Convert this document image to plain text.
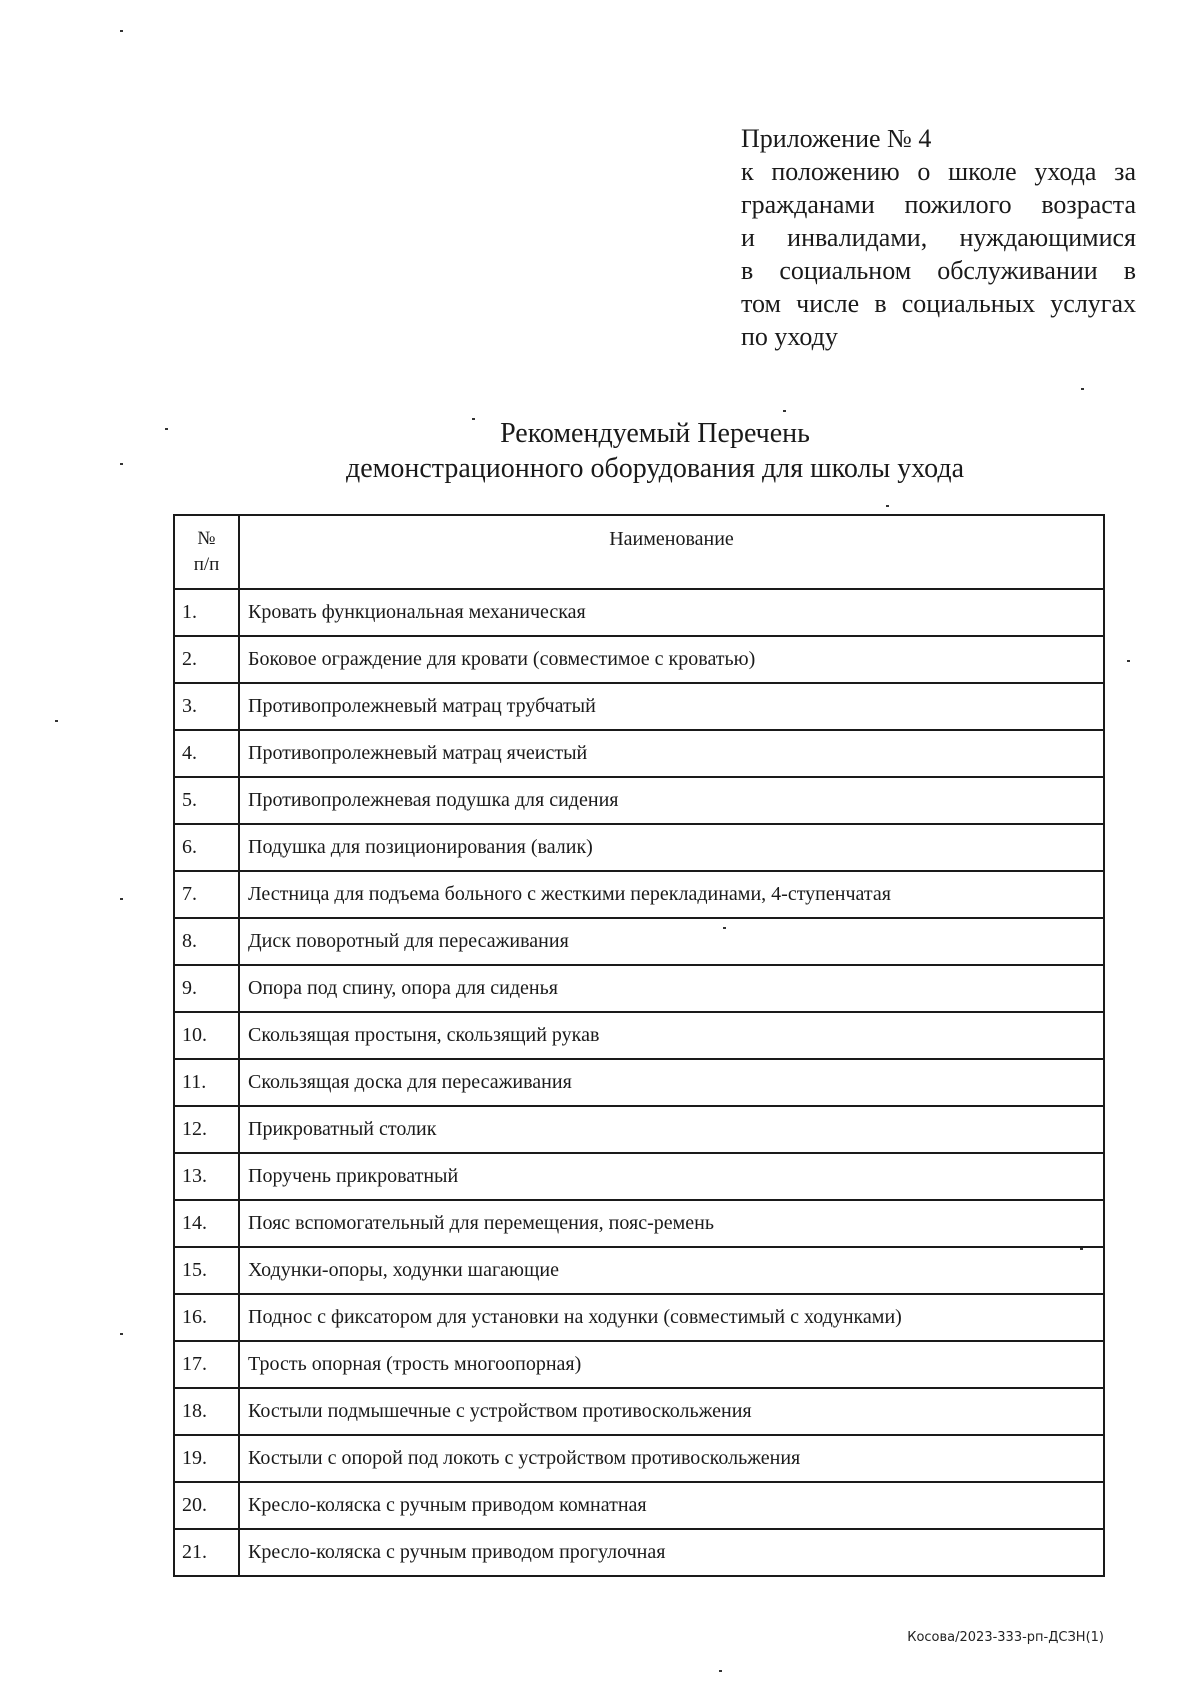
Приложение № 4
к положению о школе ухода за
гражданами пожилого возраста
и инвалидами, нуждающимися
в социальном обслуживании в
том числе в социальных услугах
по уходу
Рекомендуемый Перечень
демонстрационного оборудования для школы ухода
№
п/п	Наименование
1.	Кровать функциональная механическая
2.	Боковое ограждение для кровати (совместимое с кроватью)
3.	Противопролежневый матрац трубчатый
4.	Противопролежневый матрац ячеистый
5.	Противопролежневая подушка для сидения
6.	Подушка для позиционирования (валик)
7.	Лестница для подъема больного с жесткими перекладинами, 4-ступенчатая
8.	Диск поворотный для пересаживания
9.	Опора под спину, опора для сиденья
10.	Скользящая простыня, скользящий рукав
11.	Скользящая доска для пересаживания
12.	Прикроватный столик
13.	Поручень прикроватный
14.	Пояс вспомогательный для перемещения, пояс-ремень
15.	Ходунки-опоры, ходунки шагающие
16.	Поднос с фиксатором для установки на ходунки (совместимый с ходунками)
17.	Трость опорная (трость многоопорная)
18.	Костыли подмышечные с устройством противоскольжения
19.	Костыли с опорой под локоть с устройством противоскольжения
20.	Кресло-коляска с ручным приводом комнатная
21.	Кресло-коляска с ручным приводом прогулочная
Косова/2023-333-рп-ДСЗН(1)
